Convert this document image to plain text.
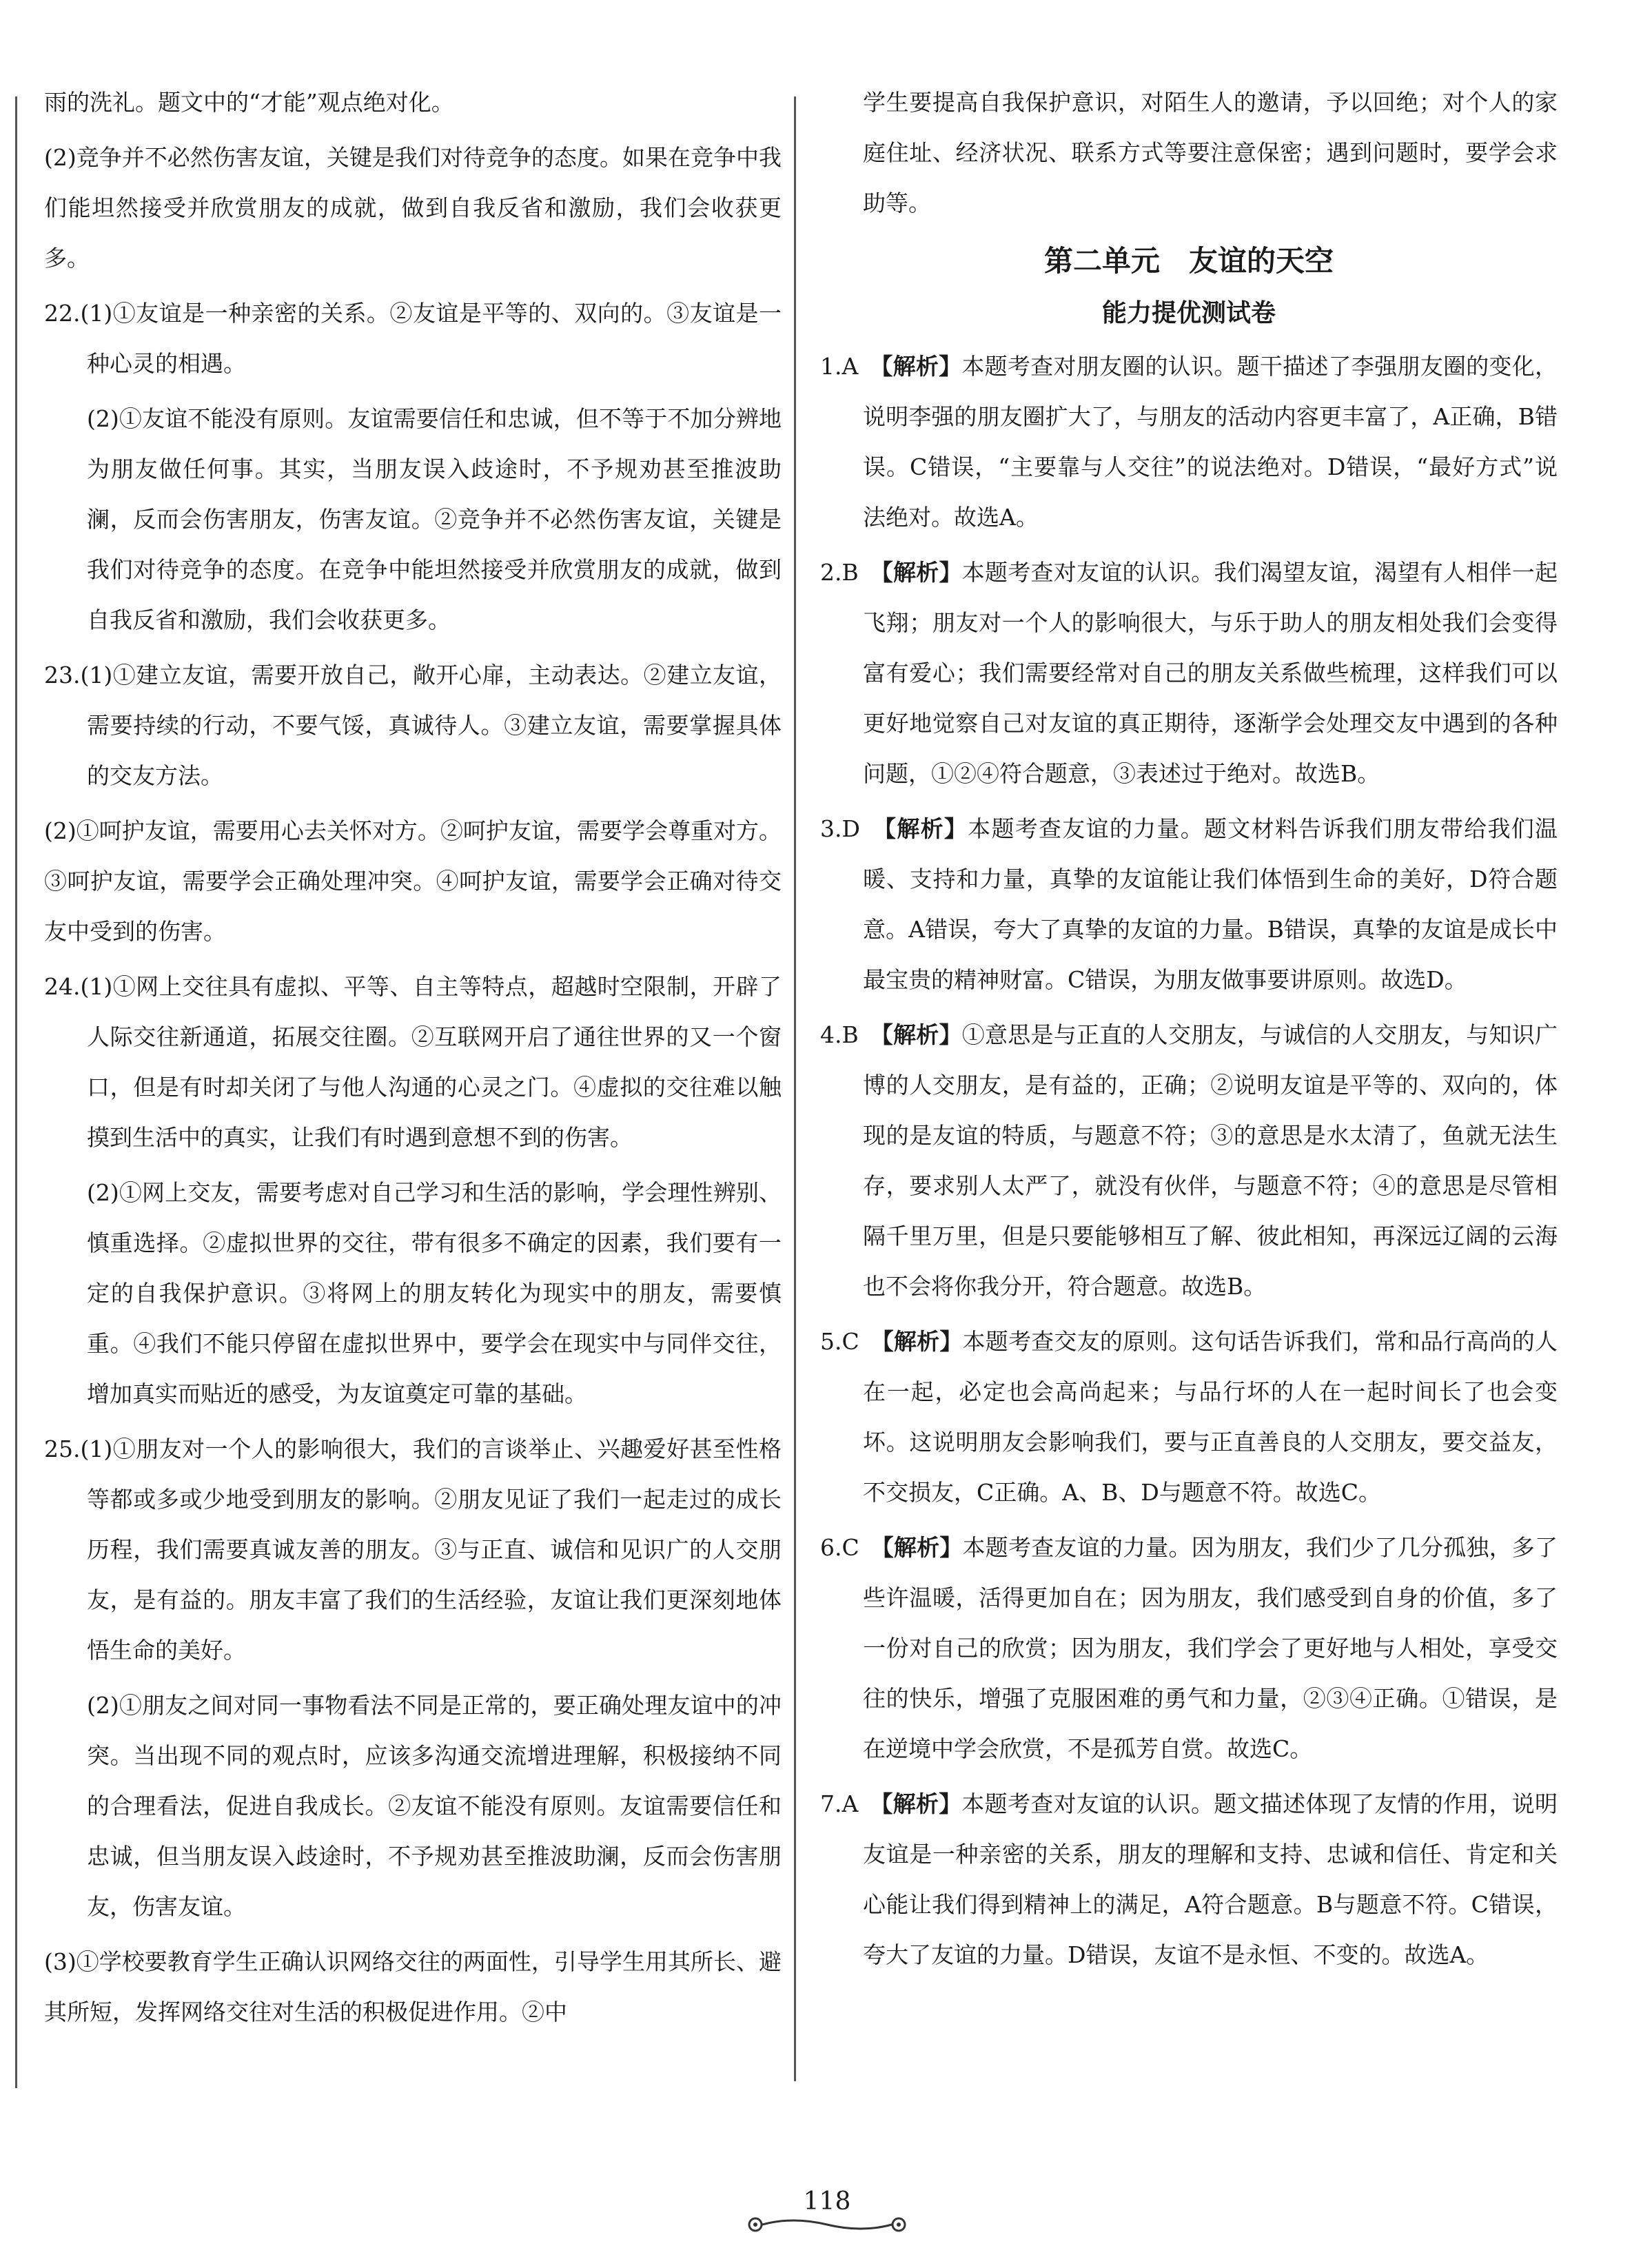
雨的洗礼。题文中的“才能”观点绝对化。

(2)竞争并不必然伤害友谊，关键是我们对待竞争的态度。如果在竞争中我们能坦然接受并欣赏朋友的成就，做到自我反省和激励，我们会收获更多。

22.(1)①友谊是一种亲密的关系。②友谊是平等的、双向的。③友谊是一种心灵的相遇。

(2)①友谊不能没有原则。友谊需要信任和忠诚，但不等于不加分辨地为朋友做任何事。其实，当朋友误入歧途时，不予规劝甚至推波助澜，反而会伤害朋友，伤害友谊。②竞争并不必然伤害友谊，关键是我们对待竞争的态度。在竞争中能坦然接受并欣赏朋友的成就，做到自我反省和激励，我们会收获更多。

23.(1)①建立友谊，需要开放自己，敞开心扉，主动表达。②建立友谊，需要持续的行动，不要气馁，真诚待人。③建立友谊，需要掌握具体的交友方法。

(2)①呵护友谊，需要用心去关怀对方。②呵护友谊，需要学会尊重对方。③呵护友谊，需要学会正确处理冲突。④呵护友谊，需要学会正确对待交友中受到的伤害。

24.(1)①网上交往具有虚拟、平等、自主等特点，超越时空限制，开辟了人际交往新通道，拓展交往圈。②互联网开启了通往世界的又一个窗口，但是有时却关闭了与他人沟通的心灵之门。④虚拟的交往难以触摸到生活中的真实，让我们有时遇到意想不到的伤害。

(2)①网上交友，需要考虑对自己学习和生活的影响，学会理性辨别、慎重选择。②虚拟世界的交往，带有很多不确定的因素，我们要有一定的自我保护意识。③将网上的朋友转化为现实中的朋友，需要慎重。④我们不能只停留在虚拟世界中，要学会在现实中与同伴交往，增加真实而贴近的感受，为友谊奠定可靠的基础。

25.(1)①朋友对一个人的影响很大，我们的言谈举止、兴趣爱好甚至性格等都或多或少地受到朋友的影响。②朋友见证了我们一起走过的成长历程，我们需要真诚友善的朋友。③与正直、诚信和见识广的人交朋友，是有益的。朋友丰富了我们的生活经验，友谊让我们更深刻地体悟生命的美好。

(2)①朋友之间对同一事物看法不同是正常的，要正确处理友谊中的冲突。当出现不同的观点时，应该多沟通交流增进理解，积极接纳不同的合理看法，促进自我成长。②友谊不能没有原则。友谊需要信任和忠诚，但当朋友误入歧途时，不予规劝甚至推波助澜，反而会伤害朋友，伤害友谊。

(3)①学校要教育学生正确认识网络交往的两面性，引导学生用其所长、避其所短，发挥网络交往对生活的积极促进作用。②中

学生要提高自我保护意识，对陌生人的邀请，予以回绝；对个人的家庭住址、经济状况、联系方式等要注意保密；遇到问题时，要学会求助等。

第二单元　友谊的天空
能力提优测试卷

1.A　 【解析】本题考查对朋友圈的认识。题干描述了李强朋友圈的变化，说明李强的朋友圈扩大了，与朋友的活动内容更丰富了，A正确，B错误。C错误，“主要靠与人交往”的说法绝对。D错误，“最好方式”说法绝对。故选A。

2.B　 【解析】本题考查对友谊的认识。我们渴望友谊，渴望有人相伴一起飞翔；朋友对一个人的影响很大，与乐于助人的朋友相处我们会变得富有爱心；我们需要经常对自己的朋友关系做些梳理，这样我们可以更好地觉察自己对友谊的真正期待，逐渐学会处理交友中遇到的各种问题，①②④符合题意，③表述过于绝对。故选B。

3.D　 【解析】本题考查友谊的力量。题文材料告诉我们朋友带给我们温暖、支持和力量，真挚的友谊能让我们体悟到生命的美好，D符合题意。A错误，夸大了真挚的友谊的力量。B错误，真挚的友谊是成长中最宝贵的精神财富。C错误，为朋友做事要讲原则。故选D。

4.B　 【解析】①意思是与正直的人交朋友，与诚信的人交朋友，与知识广博的人交朋友，是有益的，正确；②说明友谊是平等的、双向的，体现的是友谊的特质，与题意不符；③的意思是水太清了，鱼就无法生存，要求别人太严了，就没有伙伴，与题意不符；④的意思是尽管相隔千里万里，但是只要能够相互了解、彼此相知，再深远辽阔的云海也不会将你我分开，符合题意。故选B。

5.C　 【解析】本题考查交友的原则。这句话告诉我们，常和品行高尚的人在一起，必定也会高尚起来；与品行坏的人在一起时间长了也会变坏。这说明朋友会影响我们，要与正直善良的人交朋友，要交益友，不交损友，C正确。A、B、D与题意不符。故选C。

6.C　 【解析】本题考查友谊的力量。因为朋友，我们少了几分孤独，多了些许温暖，活得更加自在；因为朋友，我们感受到自身的价值，多了一份对自己的欣赏；因为朋友，我们学会了更好地与人相处，享受交往的快乐，增强了克服困难的勇气和力量，②③④正确。①错误，是在逆境中学会欣赏，不是孤芳自赏。故选C。

7.A　 【解析】本题考查对友谊的认识。题文描述体现了友情的作用，说明友谊是一种亲密的关系，朋友的理解和支持、忠诚和信任、肯定和关心能让我们得到精神上的满足，A符合题意。B与题意不符。C错误，夸大了友谊的力量。D错误，友谊不是永恒、不变的。故选A。

118
